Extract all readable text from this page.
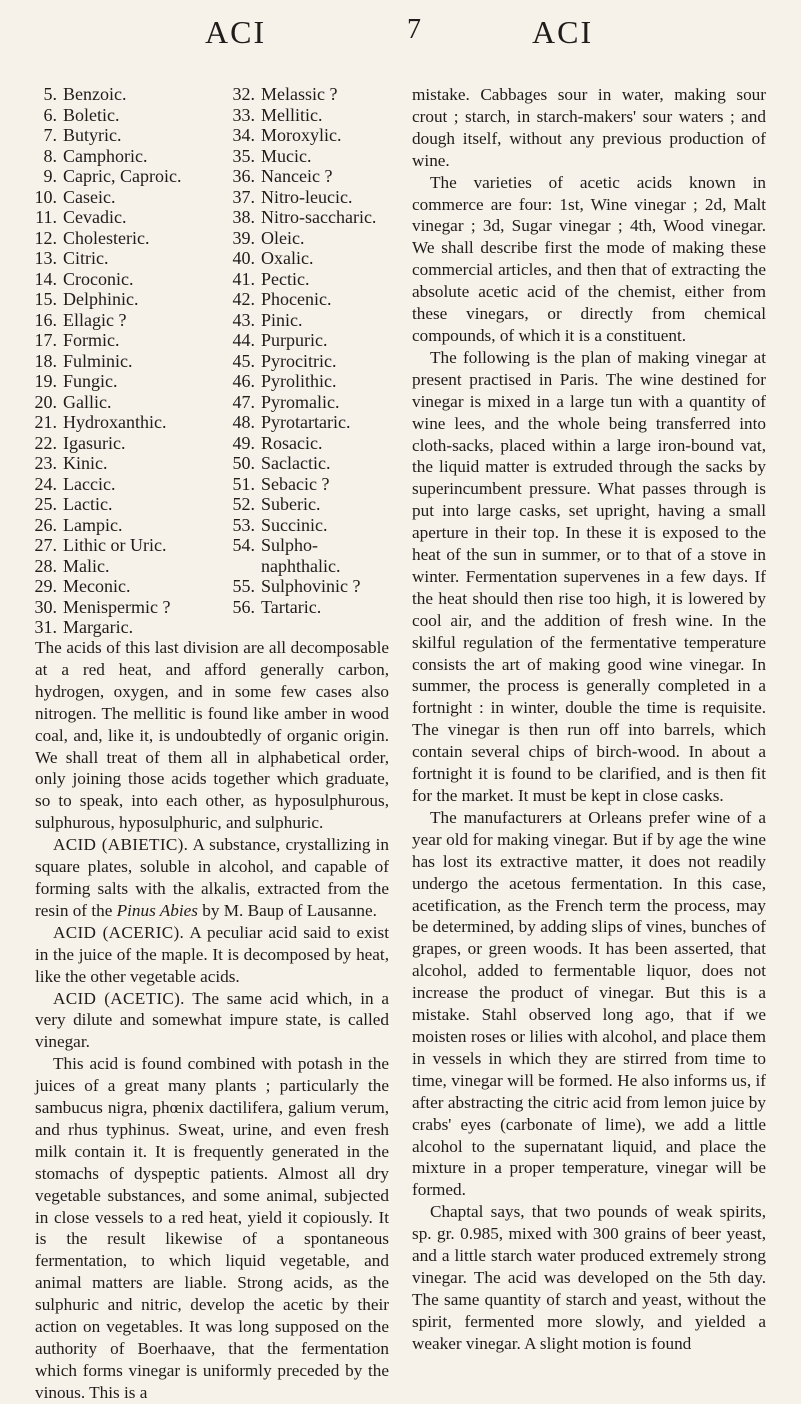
ACI	7	ACI
5. Benzoic.
6. Boletic.
7. Butyric.
8. Camphoric.
9. Capric, Caproic.
10. Caseic.
11. Cevadic.
12. Cholesteric.
13. Citric.
14. Croconic.
15. Delphinic.
16. Ellagic ?
17. Formic.
18. Fulminic.
19. Fungic.
20. Gallic.
21. Hydroxanthic.
22. Igasuric.
23. Kinic.
24. Laccic.
25. Lactic.
26. Lampic.
27. Lithic or Uric.
28. Malic.
29. Meconic.
30. Menispermic ?
31. Margaric.
32. Melassic ?
33. Mellitic.
34. Moroxylic.
35. Mucic.
36. Nanceic ?
37. Nitro-leucic.
38. Nitro-saccharic.
39. Oleic.
40. Oxalic.
41. Pectic.
42. Phocenic.
43. Pinic.
44. Purpuric.
45. Pyrocitric.
46. Pyrolithic.
47. Pyromalic.
48. Pyrotartaric.
49. Rosacic.
50. Saclactic.
51. Sebacic ?
52. Suberic.
53. Succinic.
54. Sulpho-
naphthalic.
55. Sulphovinic ?
56. Tartaric.

The acids of this last division are all decomposable at a red heat, and afford generally carbon, hydrogen, oxygen, and in some few cases also nitrogen. The mellitic is found like amber in wood coal, and, like it, is undoubtedly of organic origin. We shall treat of them all in alphabetical order, only joining those acids together which graduate, so to speak, into each other, as hyposulphurous, sulphurous, hyposulphuric, and sulphuric.

ACID (ABIETIC). A substance, crystallizing in square plates, soluble in alcohol, and capable of forming salts with the alkalis, extracted from the resin of the Pinus Abies by M. Baup of Lausanne.

ACID (ACERIC). A peculiar acid said to exist in the juice of the maple. It is decomposed by heat, like the other vegetable acids.

ACID (ACETIC). The same acid which, in a very dilute and somewhat impure state, is called vinegar.

This acid is found combined with potash in the juices of a great many plants ; particularly the sambucus nigra, phœnix dactilifera, galium verum, and rhus typhinus. Sweat, urine, and even fresh milk contain it. It is frequently generated in the stomachs of dyspeptic patients. Almost all dry vegetable substances, and some animal, subjected in close vessels to a red heat, yield it copiously. It is the result likewise of a spontaneous fermentation, to which liquid vegetable, and animal matters are liable. Strong acids, as the sulphuric and nitric, develop the acetic by their action on vegetables. It was long supposed on the authority of Boerhaave, that the fermentation which forms vinegar is uniformly preceded by the vinous. This is a

mistake. Cabbages sour in water, making sour crout ; starch, in starch-makers' sour waters ; and dough itself, without any previous production of wine.

The varieties of acetic acids known in commerce are four: 1st, Wine vinegar ; 2d, Malt vinegar ; 3d, Sugar vinegar ; 4th, Wood vinegar. We shall describe first the mode of making these commercial articles, and then that of extracting the absolute acetic acid of the chemist, either from these vinegars, or directly from chemical compounds, of which it is a constituent.

The following is the plan of making vinegar at present practised in Paris. The wine destined for vinegar is mixed in a large tun with a quantity of wine lees, and the whole being transferred into cloth-sacks, placed within a large iron-bound vat, the liquid matter is extruded through the sacks by superincumbent pressure. What passes through is put into large casks, set upright, having a small aperture in their top. In these it is exposed to the heat of the sun in summer, or to that of a stove in winter. Fermentation supervenes in a few days. If the heat should then rise too high, it is lowered by cool air, and the addition of fresh wine. In the skilful regulation of the fermentative temperature consists the art of making good wine vinegar. In summer, the process is generally completed in a fortnight : in winter, double the time is requisite. The vinegar is then run off into barrels, which contain several chips of birch-wood. In about a fortnight it is found to be clarified, and is then fit for the market. It must be kept in close casks.

The manufacturers at Orleans prefer wine of a year old for making vinegar. But if by age the wine has lost its extractive matter, it does not readily undergo the acetous fermentation. In this case, acetification, as the French term the process, may be determined, by adding slips of vines, bunches of grapes, or green woods. It has been asserted, that alcohol, added to fermentable liquor, does not increase the product of vinegar. But this is a mistake. Stahl observed long ago, that if we moisten roses or lilies with alcohol, and place them in vessels in which they are stirred from time to time, vinegar will be formed. He also informs us, if after abstracting the citric acid from lemon juice by crabs' eyes (carbonate of lime), we add a little alcohol to the supernatant liquid, and place the mixture in a proper temperature, vinegar will be formed.

Chaptal says, that two pounds of weak spirits, sp. gr. 0.985, mixed with 300 grains of beer yeast, and a little starch water produced extremely strong vinegar. The acid was developed on the 5th day. The same quantity of starch and yeast, without the spirit, fermented more slowly, and yielded a weaker vinegar. A slight motion is found
